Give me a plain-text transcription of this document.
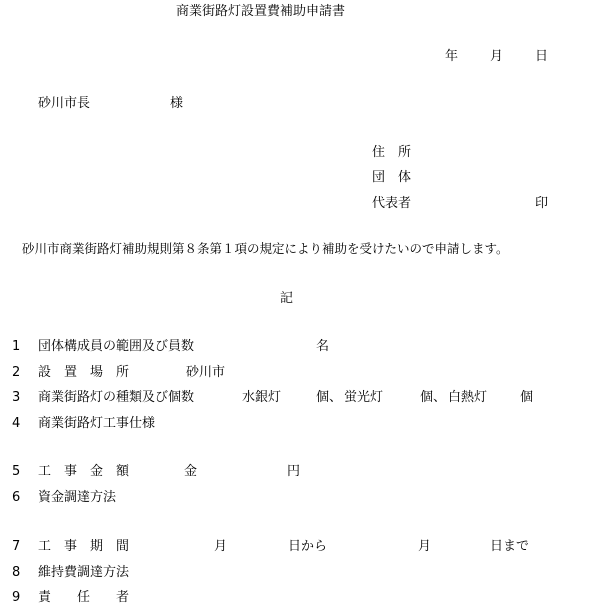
商業街路灯設置費補助申請書
年 月 日
砂川市長	様
住　所
団　体
代表者	印
砂川市商業街路灯補助規則第８条第１項の規定により補助を受けたいので申請します。
記
1 団体構成員の範囲及び員数	名
2 設　置　場　所	砂川市
3 商業街路灯の種類及び個数	水銀灯	個、 蛍光灯	個、 白熱灯	個
4 商業街路灯工事仕様
5 工　事　金　額	金	円
6 資金調達方法
7 工　事　期　間	月	日から	月	日まで
8 維持費調達方法
9 責　　任　　者
